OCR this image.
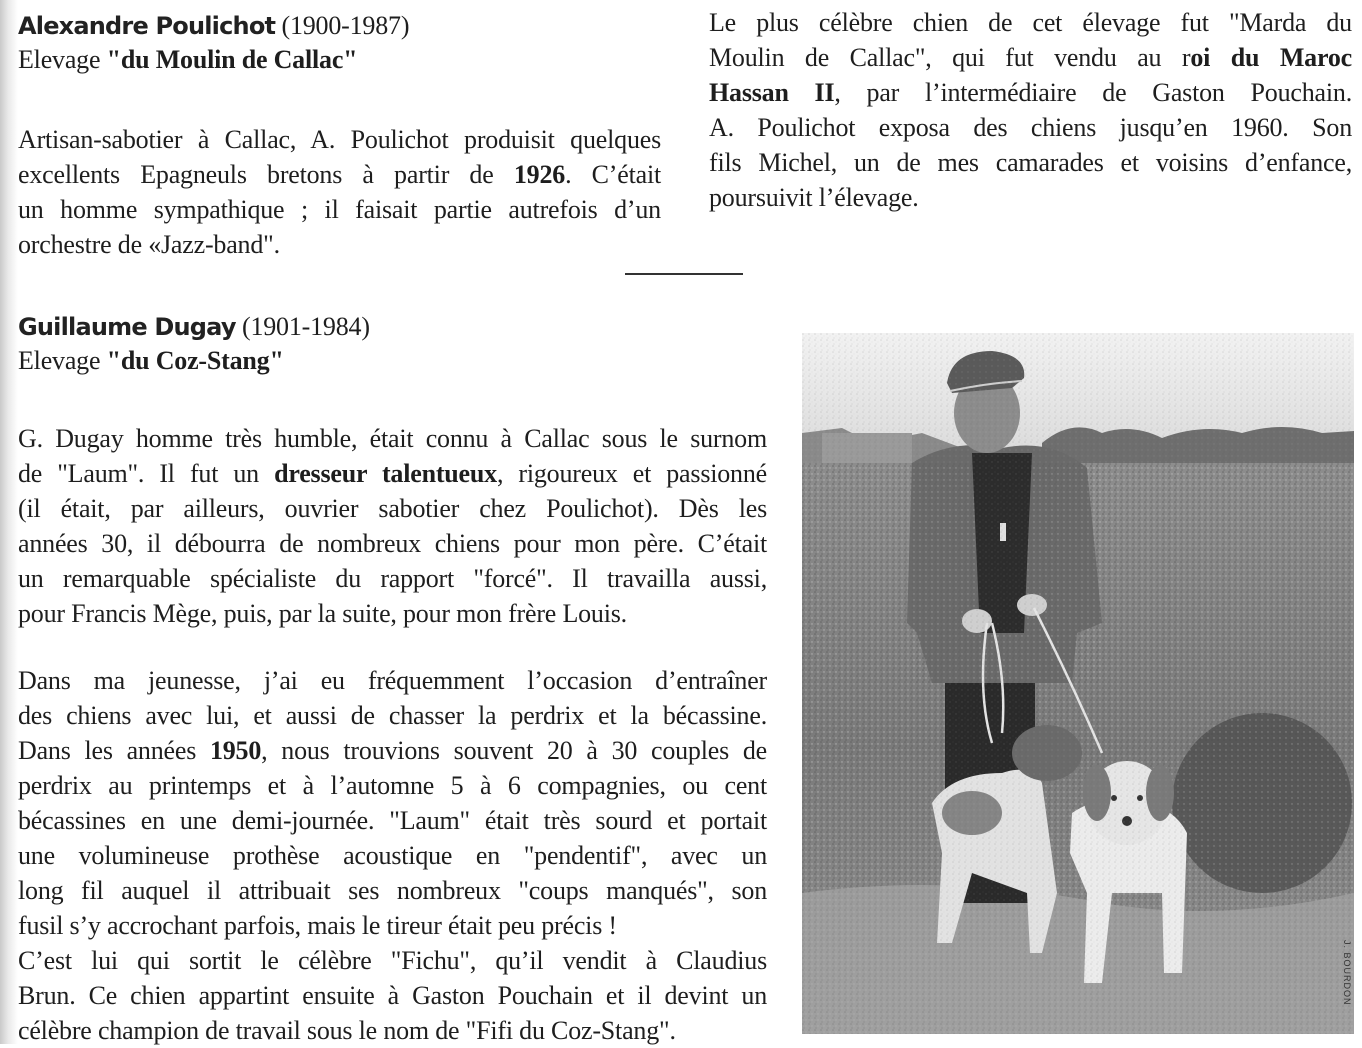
Alexandre Poulichot (1900-1987)
Elevage "du Moulin de Callac"
Artisan-sabotier à Callac, A. Poulichot produisit quelques
excellents Epagneuls bretons à partir de 1926. C’était
un homme sympathique ; il faisait partie autrefois d’un
orchestre de «Jazz-band".
Le plus célèbre chien de cet élevage fut "Marda du
Moulin de Callac", qui fut vendu au roi du Maroc
Hassan II, par l’intermédiaire de Gaston Pouchain.
A. Poulichot exposa des chiens jusqu’en 1960. Son
fils Michel, un de mes camarades et voisins d’enfance,
poursuivit l’élevage.
Guillaume Dugay (1901-1984)
Elevage "du Coz-Stang"
G. Dugay homme très humble, était connu à Callac sous le surnom
de "Laum". Il fut un dresseur talentueux, rigoureux et passionné
(il était, par ailleurs, ouvrier sabotier chez Poulichot). Dès les
années 30, il débourra de nombreux chiens pour mon père. C’était
un remarquable spécialiste du rapport "forcé". Il travailla aussi,
pour Francis Mège, puis, par la suite, pour mon frère Louis.
Dans ma jeunesse, j’ai eu fréquemment l’occasion d’entraîner
des chiens avec lui, et aussi de chasser la perdrix et la bécassine.
Dans les années 1950, nous trouvions souvent 20 à 30 couples de
perdrix au printemps et à l’automne 5 à 6 compagnies, ou cent
bécassines en une demi-journée. "Laum" était très sourd et portait
une volumineuse prothèse acoustique en "pendentif", avec un
long fil auquel il attribuait ses nombreux "coups manqués", son
fusil s’y accrochant parfois, mais le tireur était peu précis !
C’est lui qui sortit le célèbre "Fichu", qu’il vendit à Claudius
Brun. Ce chien appartint ensuite à Gaston Pouchain et il devint un
célèbre champion de travail sous le nom de "Fifi du Coz-Stang".
J. BOURDON
